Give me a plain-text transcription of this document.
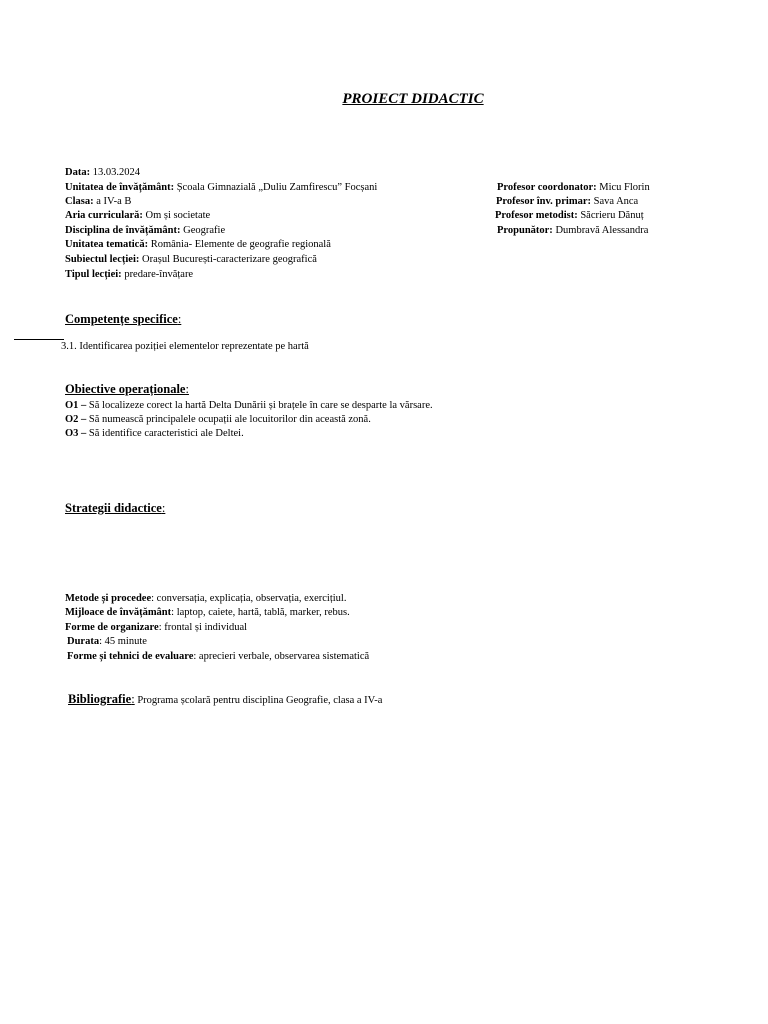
PROIECT DIDACTIC
Data: 13.03.2024
Unitatea de învățământ: Școala Gimnazială „Duliu Zamfirescu” Focșani
Clasa: a IV-a B
Aria curriculară: Om și societate
Disciplina de învățământ: Geografie
Unitatea tematică: România- Elemente de geografie regională
Subiectul lecției: Orașul București-caracterizare geografică
Tipul lecției: predare-învățare
Profesor coordonator: Micu Florin
Profesor înv. primar: Sava Anca
Profesor metodist: Săcrieru Dănuț
Propunător: Dumbravă Alessandra
Competențe specifice:
3.1. Identificarea poziției elementelor reprezentate pe hartă
Obiective operaționale:
O1 – Să localizeze corect la hartă Delta Dunării și brațele în care se desparte la vărsare.
O2 – Să numească principalele ocupații ale locuitorilor din această zonă.
O3 – Să identifice caracteristici ale Deltei.
Strategii didactice:
Metode și procedee: conversația, explicația, observația, exercițiul.
Mijloace de învățământ: laptop, caiete, hartă, tablă, marker, rebus.
Forme de organizare: frontal și individual
Durata: 45 minute
Forme și tehnici de evaluare: aprecieri verbale, observarea sistematică
Bibliografie: Programa școlară pentru disciplina Geografie, clasa a IV-a
